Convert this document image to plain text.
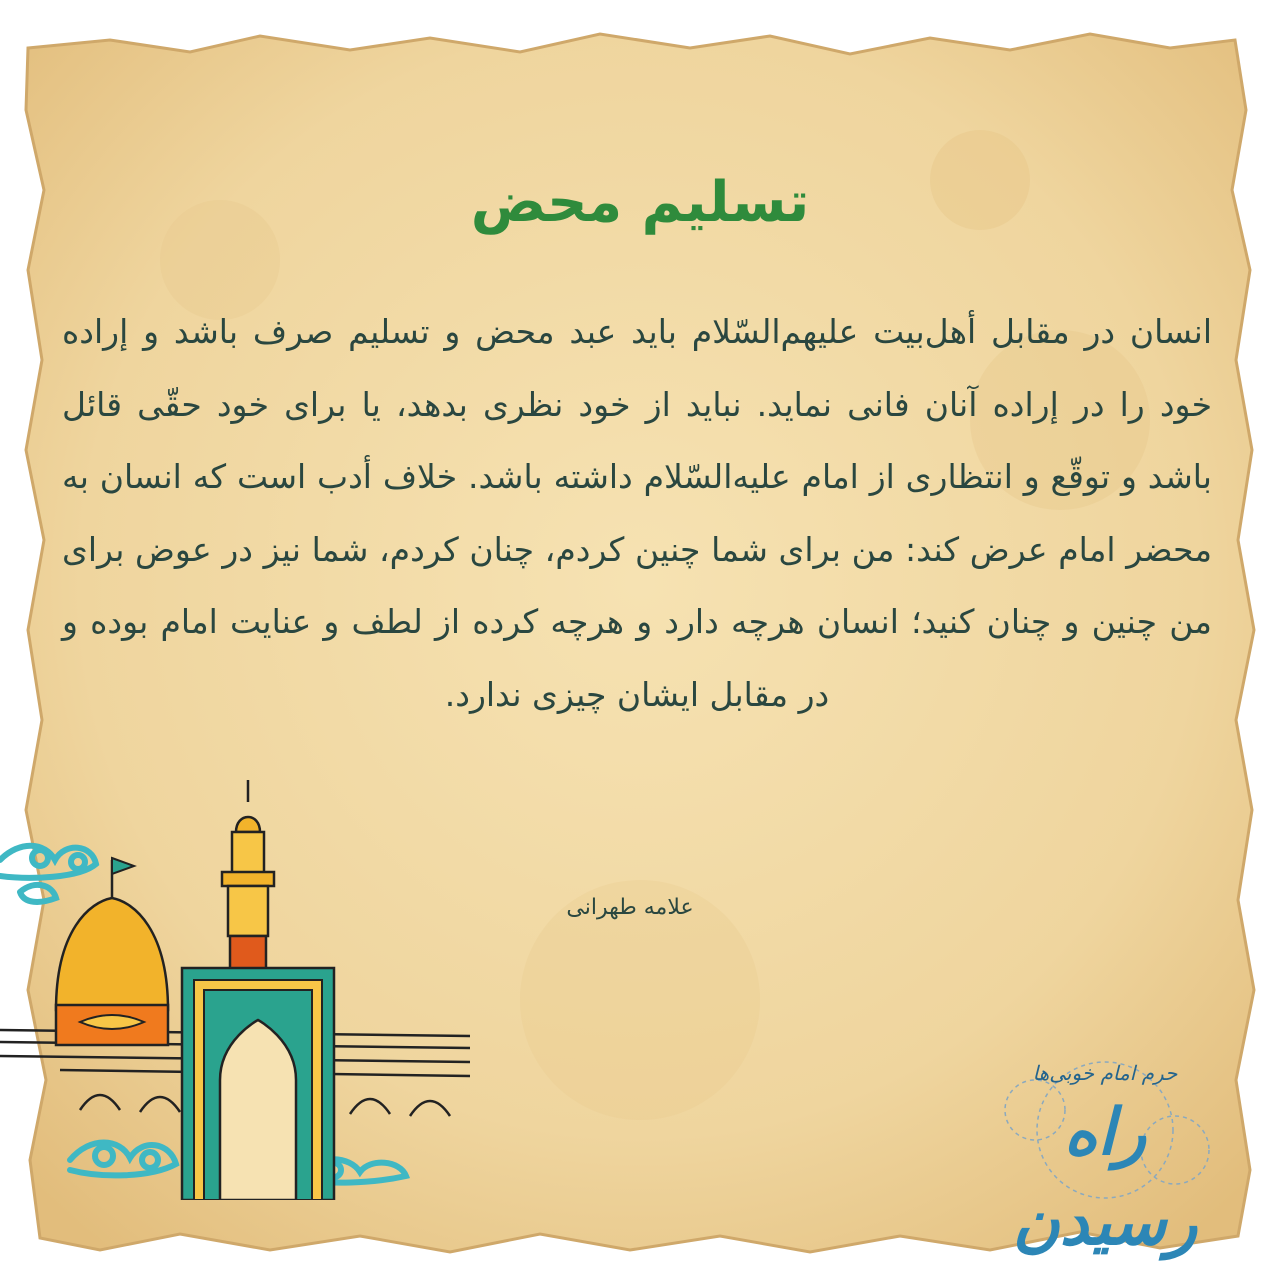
تسلیم محض

انسان در مقابل أهل‌بیت علیهم‌السّلام باید عبد محض و تسلیم صرف باشد و إراده خود را در إراده آنان فانی نماید. نباید از خود نظری بدهد، یا برای خود حقّی قائل باشد و توقّع و انتظاری از امام علیه‌السّلام داشته باشد. خلاف أدب است که انسان به محضر امام عرض کند: من برای شما چنین کردم، چنان کردم، شما نیز در عوض برای من چنین و چنان کنید؛ انسان هرچه دارد و هرچه کرده از لطف و عنایت امام بوده و در مقابل ایشان چیزی ندارد.

علامه طهرانی

حرم امام خوبی‌ها
راه رسیدن
